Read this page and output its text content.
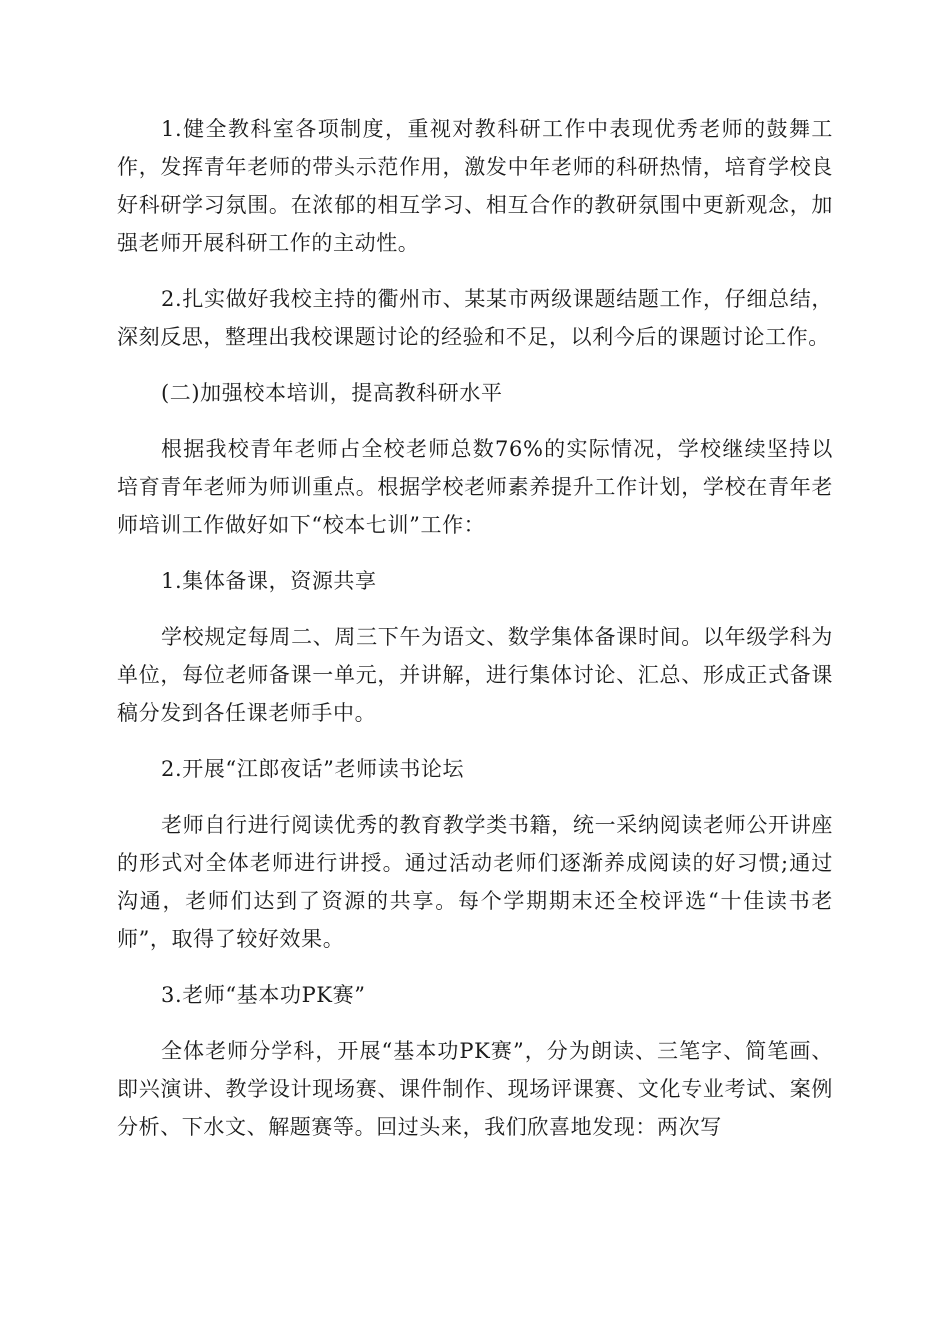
1.健全教科室各项制度，重视对教科研工作中表现优秀老师的鼓舞工作，发挥青年老师的带头示范作用，激发中年老师的科研热情，培育学校良好科研学习氛围。在浓郁的相互学习、相互合作的教研氛围中更新观念，加强老师开展科研工作的主动性。

2.扎实做好我校主持的衢州市、某某市两级课题结题工作，仔细总结，深刻反思，整理出我校课题讨论的经验和不足，以利今后的课题讨论工作。

(二)加强校本培训，提高教科研水平

根据我校青年老师占全校老师总数76%的实际情况，学校继续坚持以培育青年老师为师训重点。根据学校老师素养提升工作计划，学校在青年老师培训工作做好如下“校本七训”工作：

1.集体备课，资源共享

学校规定每周二、周三下午为语文、数学集体备课时间。以年级学科为单位，每位老师备课一单元，并讲解，进行集体讨论、汇总、形成正式备课稿分发到各任课老师手中。

2.开展“江郎夜话”老师读书论坛

老师自行进行阅读优秀的教育教学类书籍，统一采纳阅读老师公开讲座的形式对全体老师进行讲授。通过活动老师们逐渐养成阅读的好习惯;通过沟通，老师们达到了资源的共享。每个学期期末还全校评选“十佳读书老师”，取得了较好效果。

3.老师“基本功PK赛”

全体老师分学科，开展“基本功PK赛”，分为朗读、三笔字、简笔画、即兴演讲、教学设计现场赛、课件制作、现场评课赛、文化专业考试、案例分析、下水文、解题赛等。回过头来，我们欣喜地发现：两次写
